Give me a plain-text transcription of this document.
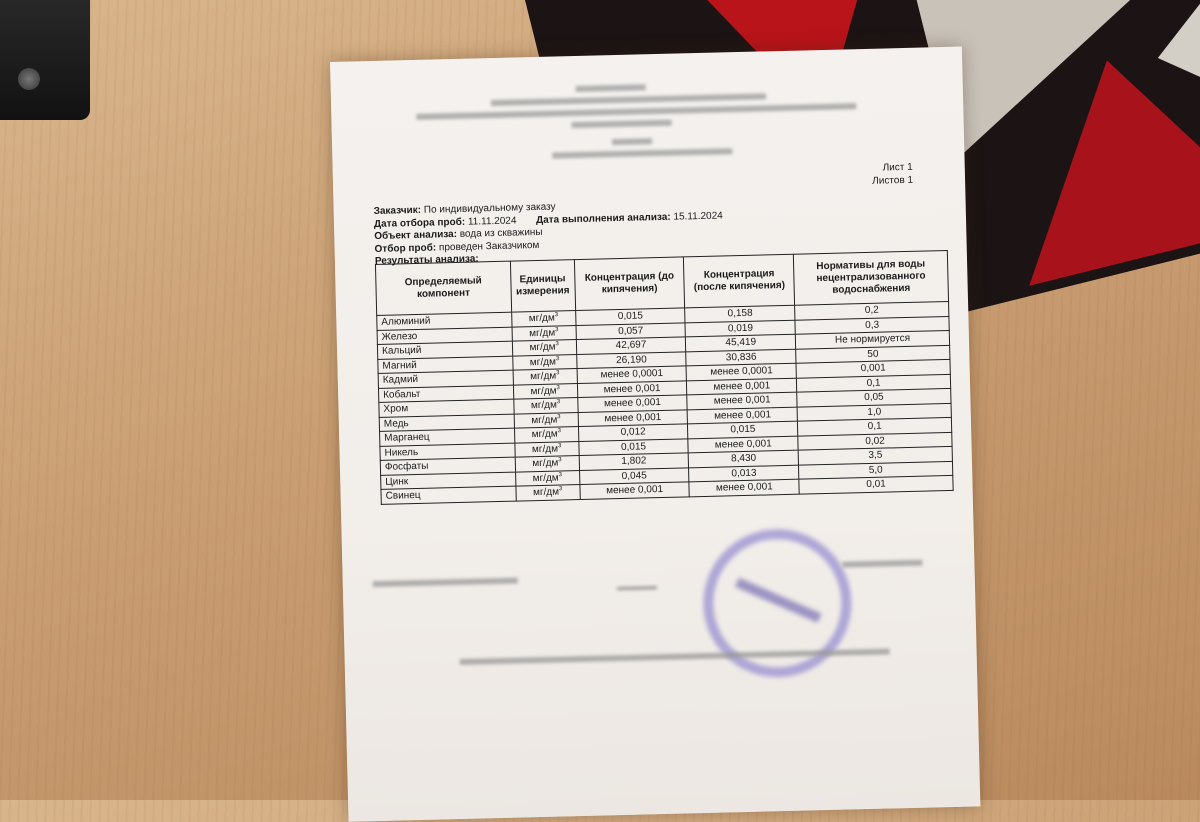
Лист 1
Листов 1
Заказчик: По индивидуальному заказу
Дата отбора проб: 11.11.2024 Дата выполнения анализа: 15.11.2024
Объект анализа: вода из скважины
Отбор проб: проведен Заказчиком
Результаты анализа:
Определяемый компонент	Единицы измерения	Концентрация (до кипячения)	Концентрация (после кипячения)	Нормативы для воды нецентрализованного водоснабжения
Алюминий	$мг/дм^3$	0,015	0,158	0,2
Железо	$мг/дм^3$	0,057	0,019	0,3
Кальций	$мг/дм^3$	42,697	45,419	Не нормируется
Магний	$мг/дм^3$	26,190	30,836	50
Кадмий	$мг/дм^3$	менее 0,0001	менее 0,0001	0,001
Кобальт	$мг/дм^3$	менее 0,001	менее 0,001	0,1
Хром	$мг/дм^3$	менее 0,001	менее 0,001	0,05
Медь	$мг/дм^3$	менее 0,001	менее 0,001	1,0
Марганец	$мг/дм^3$	0,012	0,015	0,1
Никель	$мг/дм^3$	0,015	менее 0,001	0,02
Фосфаты	$мг/дм^3$	1,802	8,430	3,5
Цинк	$мг/дм^3$	0,045	0,013	5,0
Свинец	$мг/дм^3$	менее 0,001	менее 0,001	0,01
